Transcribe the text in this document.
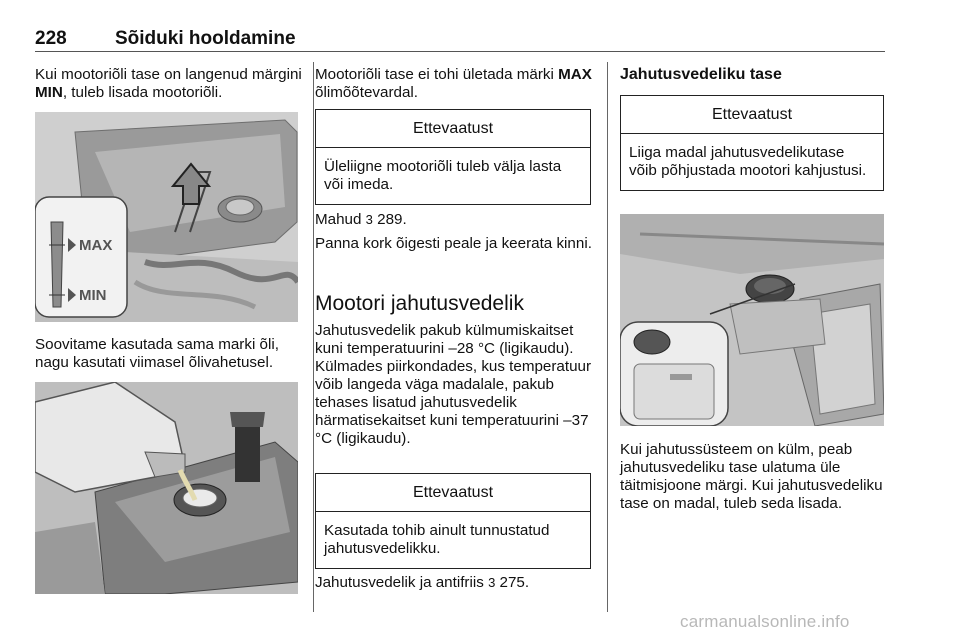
228	Sõiduki hooldamine

Kui mootoriõli tase on langenud märgini MIN, tuleb lisada mootoriõli.

MAX
MIN
Soovitame kasutada sama marki õli, nagu kasutati viimasel õlivahetusel.

Mootoriõli tase ei tohi ületada märki MAX õlimõõtevardal.

Ettevaatust
Üleliigne mootoriõli tuleb välja lasta või imeda.
Mahud 3 289.
Panna kork õigesti peale ja keerata kinni.
Mootori jahutusvedelik
Jahutusvedelik pakub külmumiskaitset kuni temperatuurini –28 °C (ligikaudu). Külmades piirkondades, kus temperatuur võib langeda väga madalale, pakub tehases lisatud jahutusvedelik härmatisekaitset kuni temperatuurini –37 °C (ligikaudu).
Ettevaatust
Kasutada tohib ainult tunnustatud jahutusvedelikku.
Jahutusvedelik ja antifriis 3 275.
Jahutusvedeliku tase
Ettevaatust
Liiga madal jahutusvedelikutase võib põhjustada mootori kahjustusi.
Kui jahutussüsteem on külm, peab jahutusvedeliku tase ulatuma üle täitmisjoone märgi. Kui jahutusvedeliku tase on madal, tuleb seda lisada.
carmanualsonline.info
